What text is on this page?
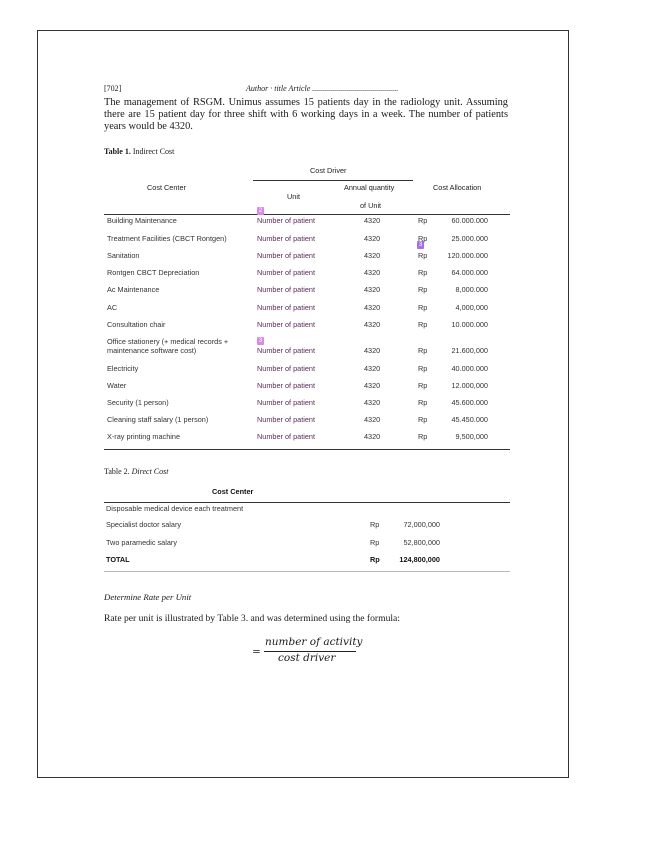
[702]	Author · title Article ...........................................

The management of RSGM. Unimus assumes 15 patients day in the radiology unit. Assuming there are 15 patient day for three shift with 6 working days in a week. The number of patients years would be 4320.

Table 1. Indirect Cost
Cost Driver
Cost Center
Unit
Annual quantity
of Unit
Cost Allocation
2
3
3
Building Maintenance	Number of patient	4320	Rp	60.000.000
Treatment Facilities (CBCT Rontgen)	Number of patient	4320	Rp	25.000.000
Sanitation	Number of patient	4320	Rp	120.000.000
Rontgen CBCT Depreciation	Number of patient	4320	Rp	64.000.000
Ac Maintenance	Number of patient	4320	Rp	8,000.000
AC	Number of patient	4320	Rp	4,000,000
Consultation chair	Number of patient	4320	Rp	10.000.000
Office stationery (+ medical records + maintenance software cost)	Number of patient	4320	Rp	21.600,000
Electricity	Number of patient	4320	Rp	40.000.000
Water	Number of patient	4320	Rp	12.000,000
Security (1 person)	Number of patient	4320	Rp	45.600.000
Cleaning staff salary (1 person)	Number of patient	4320	Rp	45.450.000
X-ray printing machine	Number of patient	4320	Rp	9,500,000
Table 2. Direct Cost
Cost Center
Disposable medical device each treatment
Specialist doctor salary	Rp	72,000,000
Two paramedic salary	Rp	52,800,000
TOTAL	Rp	124,800,000
Determine Rate per Unit
Rate per unit is illustrated by Table 3. and was determined using the formula:
=
number of activity
cost driver
